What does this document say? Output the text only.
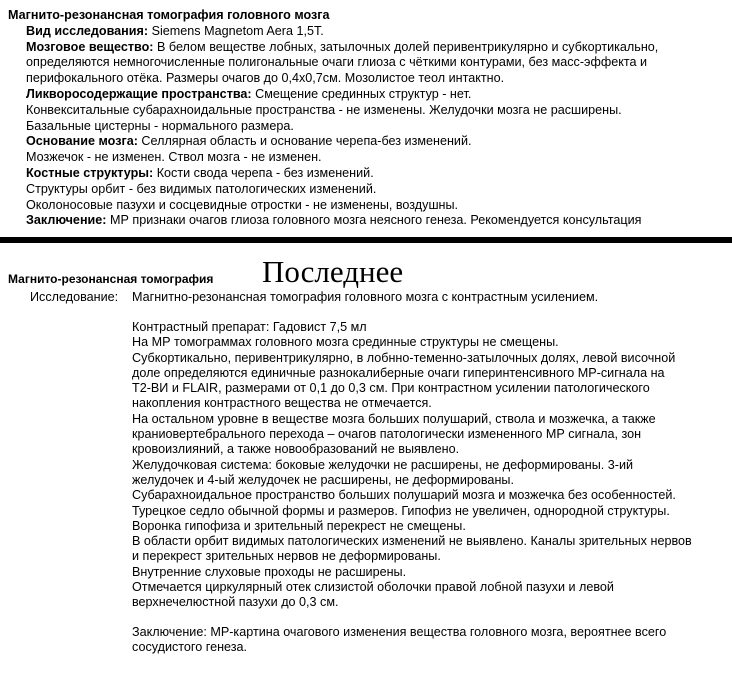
Магнито-резонансная томография головного мозга
Вид исследования: Siemens Magnetom Aera 1,5Т.
Мозговое вещество: В белом веществе лобных, затылочных долей перивентрикулярно и субкортикально,
определяются немногочисленные полигональные очаги глиоза с чёткими контурами, без масс-эффекта и
перифокального отёка. Размеры очагов до 0,4х0,7см. Мозолистое теол интактно.
Ликворосодержащие пространства: Смещение срединных структур - нет.
Конвекситальные субарахноидальные пространства - не изменены. Желудочки мозга не расширены.
Базальные цистерны - нормального размера.
Основание мозга: Селлярная область и основание черепа-без изменений.
Мозжечок - не изменен. Ствол мозга - не изменен.
Костные структуры: Кости свода черепа - без изменений.
Структуры орбит - без видимых патологических изменений.
Околоносовые пазухи и сосцевидные отростки - не изменены, воздушны.
Заключение: МР признаки очагов глиоза головного мозга неясного генеза. Рекомендуется консультация
Магнито-резонансная томография Последнее
Исследование: Магнитно-резонансная томография головного мозга с контрастным усилением.
Контрастный препарат: Гадовист 7,5 мл
На МР томограммах головного мозга срединные структуры не смещены.
Субкортикально, перивентрикулярно, в лобнно-теменно-затылочных долях, левой височной
доле определяются единичные разнокалиберные очаги гиперинтенсивного МР-сигнала на
Т2-ВИ и FLAIR, размерами от 0,1 до 0,3 см. При контрастном усилении патологического
накопления контрастного вещества не отмечается.
На остальном уровне в веществе мозга больших полушарий, ствола и мозжечка, а также
краниовертебрального перехода – очагов патологически измененного МР сигнала, зон
кровоизлияний, а также новообразований не выявлено.
Желудочковая система: боковые желудочки не расширены, не деформированы. 3-ий
желудочек и 4-ый желудочек не расширены, не деформированы.
Субарахноидальное пространство больших полушарий мозга и мозжечка без особенностей.
Турецкое седло обычной формы и размеров. Гипофиз не увеличен, однородной структуры.
Воронка гипофиза и зрительный перекрест не смещены.
В области орбит видимых патологических изменений не выявлено. Каналы зрительных нервов
и перекрест зрительных нервов не деформированы.
Внутренние слуховые проходы не расширены.
Отмечается циркулярный отек слизистой оболочки правой лобной пазухи и левой
верхнечелюстной пазухи до 0,3 см.
Заключение: МР-картина очагового изменения вещества головного мозга, вероятнее всего
сосудистого генеза.
